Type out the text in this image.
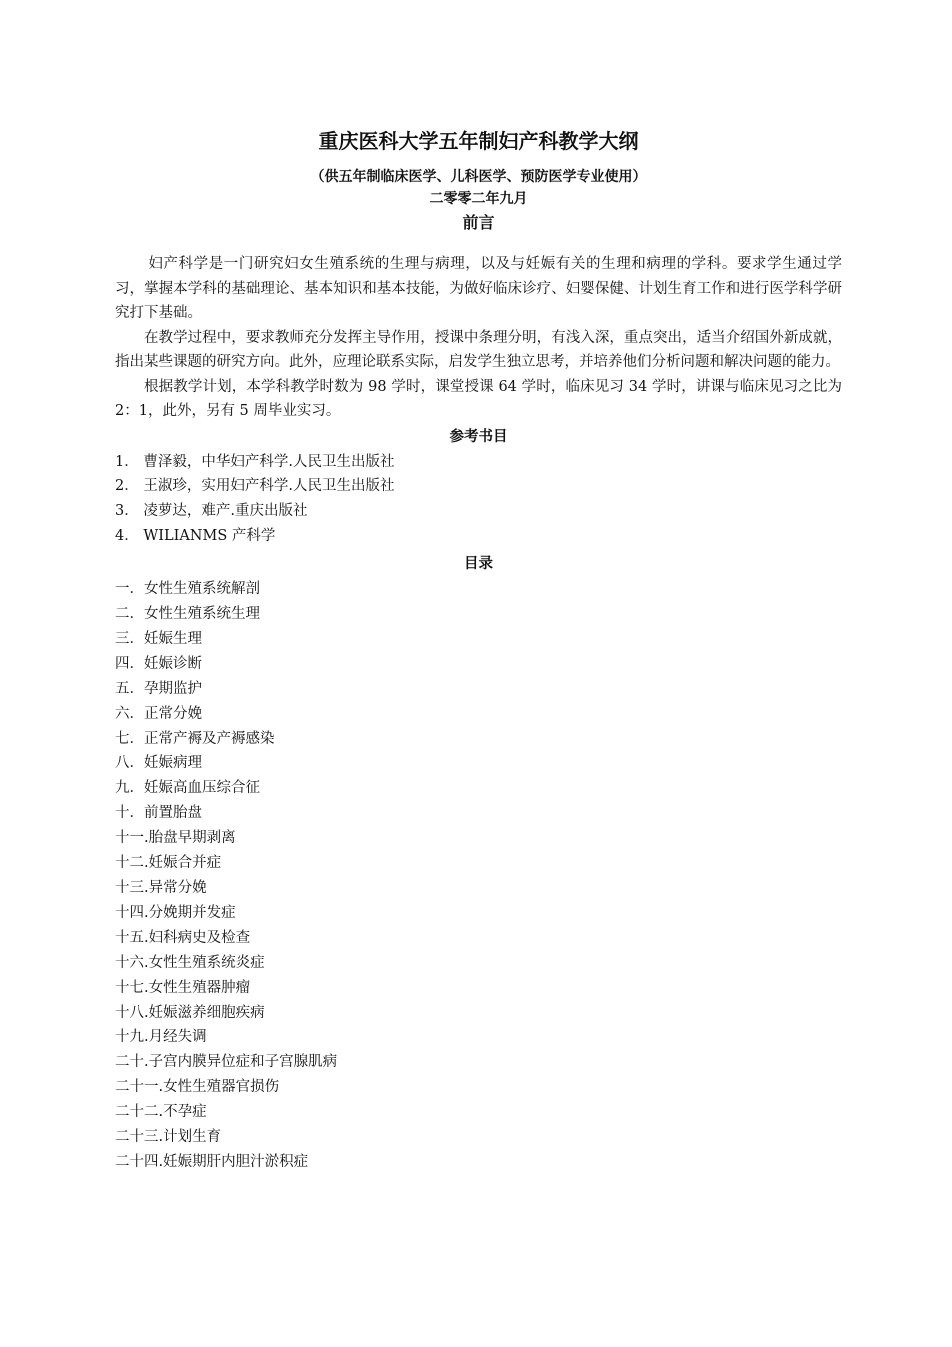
重庆医科大学五年制妇产科教学大纲
（供五年制临床医学、儿科医学、预防医学专业使用）
二零零二年九月
前言

妇产科学是一门研究妇女生殖系统的生理与病理，以及与妊娠有关的生理和病理的学科。要求学生通过学习，掌握本学科的基础理论、基本知识和基本技能，为做好临床诊疗、妇婴保健、计划生育工作和进行医学科学研究打下基础。

在教学过程中，要求教师充分发挥主导作用，授课中条理分明，有浅入深，重点突出，适当介绍国外新成就，指出某些课题的研究方向。此外，应理论联系实际，启发学生独立思考，并培养他们分析问题和解决问题的能力。

根据教学计划，本学科教学时数为 98 学时，课堂授课 64 学时，临床见习 34 学时，讲课与临床见习之比为 2：1，此外，另有 5 周毕业实习。

参考书目
1． 曹泽毅，中华妇产科学.人民卫生出版社
2． 王淑珍，实用妇产科学.人民卫生出版社
3． 凌萝达，难产.重庆出版社
4． WILIANMS 产科学
目录
一．女性生殖系统解剖
二．女性生殖系统生理
三．妊娠生理
四．妊娠诊断
五．孕期监护
六．正常分娩
七．正常产褥及产褥感染
八．妊娠病理
九．妊娠高血压综合征
十．前置胎盘
十一.胎盘早期剥离
十二.妊娠合并症
十三.异常分娩
十四.分娩期并发症
十五.妇科病史及检查
十六.女性生殖系统炎症
十七.女性生殖器肿瘤
十八.妊娠滋养细胞疾病
十九.月经失调
二十.子宫内膜异位症和子宫腺肌病
二十一.女性生殖器官损伤
二十二.不孕症
二十三.计划生育
二十四.妊娠期肝内胆汁淤积症
